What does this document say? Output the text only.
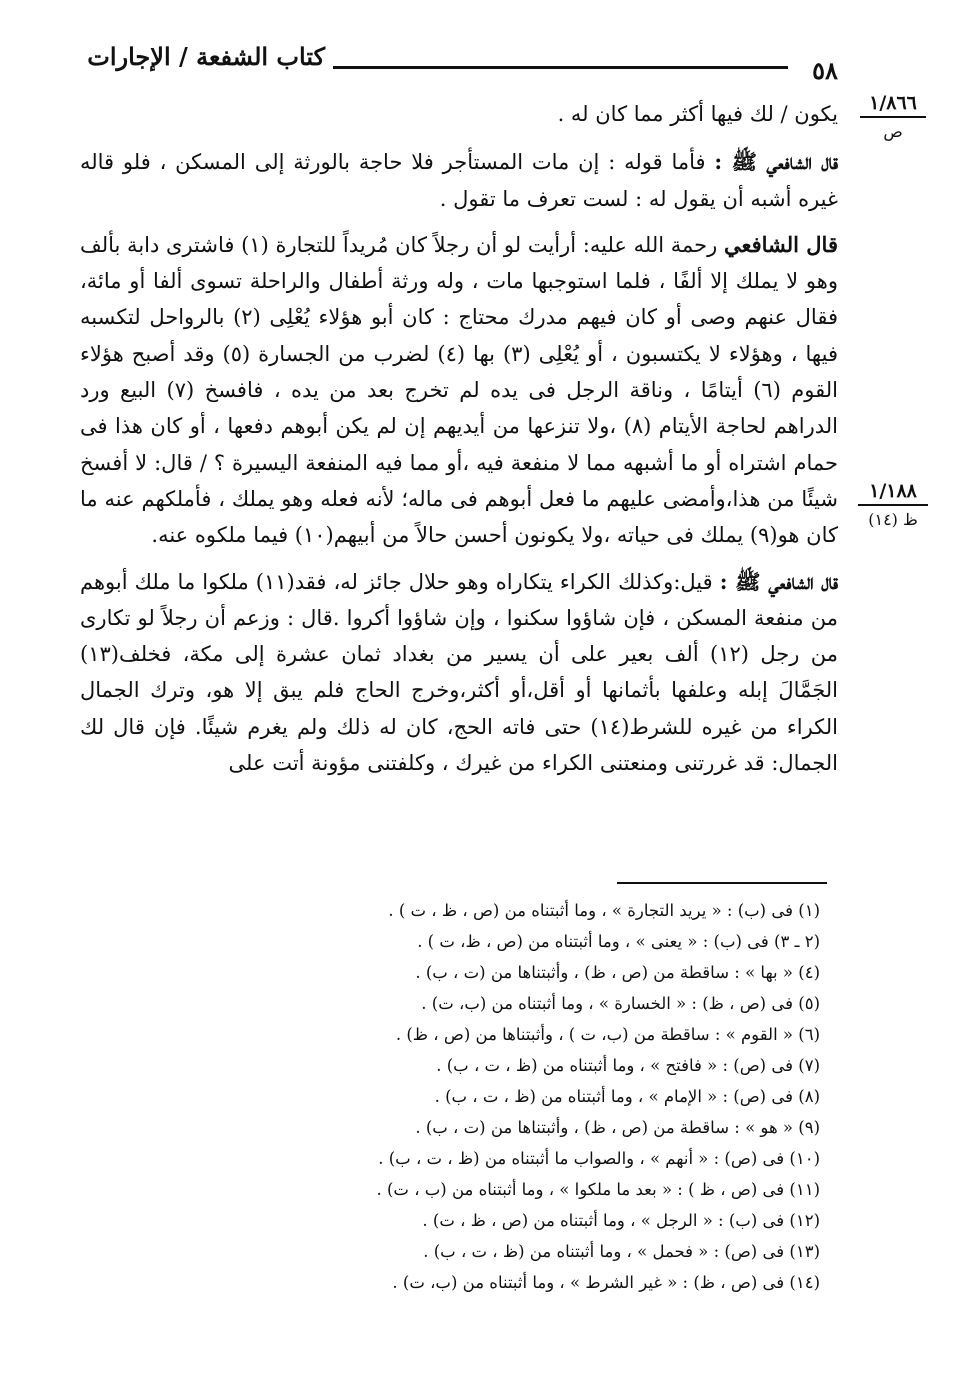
كتاب الشفعة / الإجارات	٥٨
١/٨٦٦
ص
١/١٨٨
ظ (١٤)

يكون / لك فيها أكثر مما كان له .

قال الشافعي ﷺ : فأما قوله : إن مات المستأجر فلا حاجة بالورثة إلى المسكن ، فلو قاله غيره أشبه أن يقول له : لست تعرف ما تقول .

قال الشافعي رحمة الله عليه: أرأيت لو أن رجلاً كان مُريداً للتجارة (١) فاشترى دابة بألف وهو لا يملك إلا ألفًا ، فلما استوجبها مات ، وله ورثة أطفال والراحلة تسوى ألفا أو مائة، فقال عنهم وصى أو كان فيهم مدرك محتاج : كان أبو هؤلاء يُعْلِى (٢) بالرواحل لتكسبه فيها ، وهؤلاء لا يكتسبون ، أو يُعْلِى (٣) بها (٤) لضرب من الجسارة (٥) وقد أصبح هؤلاء القوم (٦) أيتامًا ، وناقة الرجل فى يده لم تخرج بعد من يده ، فافسخ (٧) البيع ورد الدراهم لحاجة الأيتام (٨) ،ولا تنزعها من أيديهم إن لم يكن أبوهم دفعها ، أو كان هذا فى حمام اشتراه أو ما أشبهه مما لا منفعة فيه ،أو مما فيه المنفعة اليسيرة ؟ / قال: لا أفسخ شيئًا من هذا،وأمضى عليهم ما فعل أبوهم فى ماله؛ لأنه فعله وهو يملك ، فأملكهم عنه ما كان هو(٩) يملك فى حياته ،ولا يكونون أحسن حالاً من أبيهم(١٠) فيما ملكوه عنه.

قال الشافعي ﷺ : قيل:وكذلك الكراء يتكاراه وهو حلال جائز له، فقد(١١) ملكوا ما ملك أبوهم من منفعة المسكن ، فإن شاؤوا سكنوا ، وإن شاؤوا أكروا .قال : وزعم أن رجلاً لو تكارى من رجل (١٢) ألف بعير على أن يسير من بغداد ثمان عشرة إلى مكة، فخلف(١٣) الجَمَّالَ إبله وعلفها بأثمانها أو أقل،أو أكثر،وخرج الحاج فلم يبق إلا هو، وترك الجمال الكراء من غيره للشرط(١٤) حتى فاته الحج، كان له ذلك ولم يغرم شيئًا. فإن قال لك الجمال: قد غررتنى ومنعتنى الكراء من غيرك ، وكلفتنى مؤونة أتت على

(١) فى (ب) : « يريد التجارة » ، وما أثبتناه من (ص ، ظ ، ت ) .
(٢ ـ ٣) فى (ب) : « يعنى » ، وما أثبتناه من (ص ، ظ، ت ) .
(٤) « بها » : ساقطة من (ص ، ظ) ، وأثبتناها من (ت ، ب) .
(٥) فى (ص ، ظ) : « الخسارة » ، وما أثبتناه من (ب، ت) .
(٦) « القوم » : ساقطة من (ب، ت ) ، وأثبتناها من (ص ، ظ) .
(٧) فى (ص) : « فافتح » ، وما أثبتناه من (ظ ، ت ، ب) .
(٨) فى (ص) : « الإمام » ، وما أثبتناه من (ظ ، ت ، ب) .
(٩) « هو » : ساقطة من (ص ، ظ) ، وأثبتناها من (ت ، ب) .
(١٠) فى (ص) : « أنهم » ، والصواب ما أثبتناه من (ظ ، ت ، ب) .
(١١) فى (ص ، ظ ) : « بعد ما ملكوا » ، وما أثبتناه من (ب ، ت) .
(١٢) فى (ب) : « الرجل » ، وما أثبتناه من (ص ، ظ ، ت) .
(١٣) فى (ص) : « فحمل » ، وما أثبتناه من (ظ ، ت ، ب) .
(١٤) فى (ص ، ظ) : « غير الشرط » ، وما أثبتناه من (ب، ت) .
